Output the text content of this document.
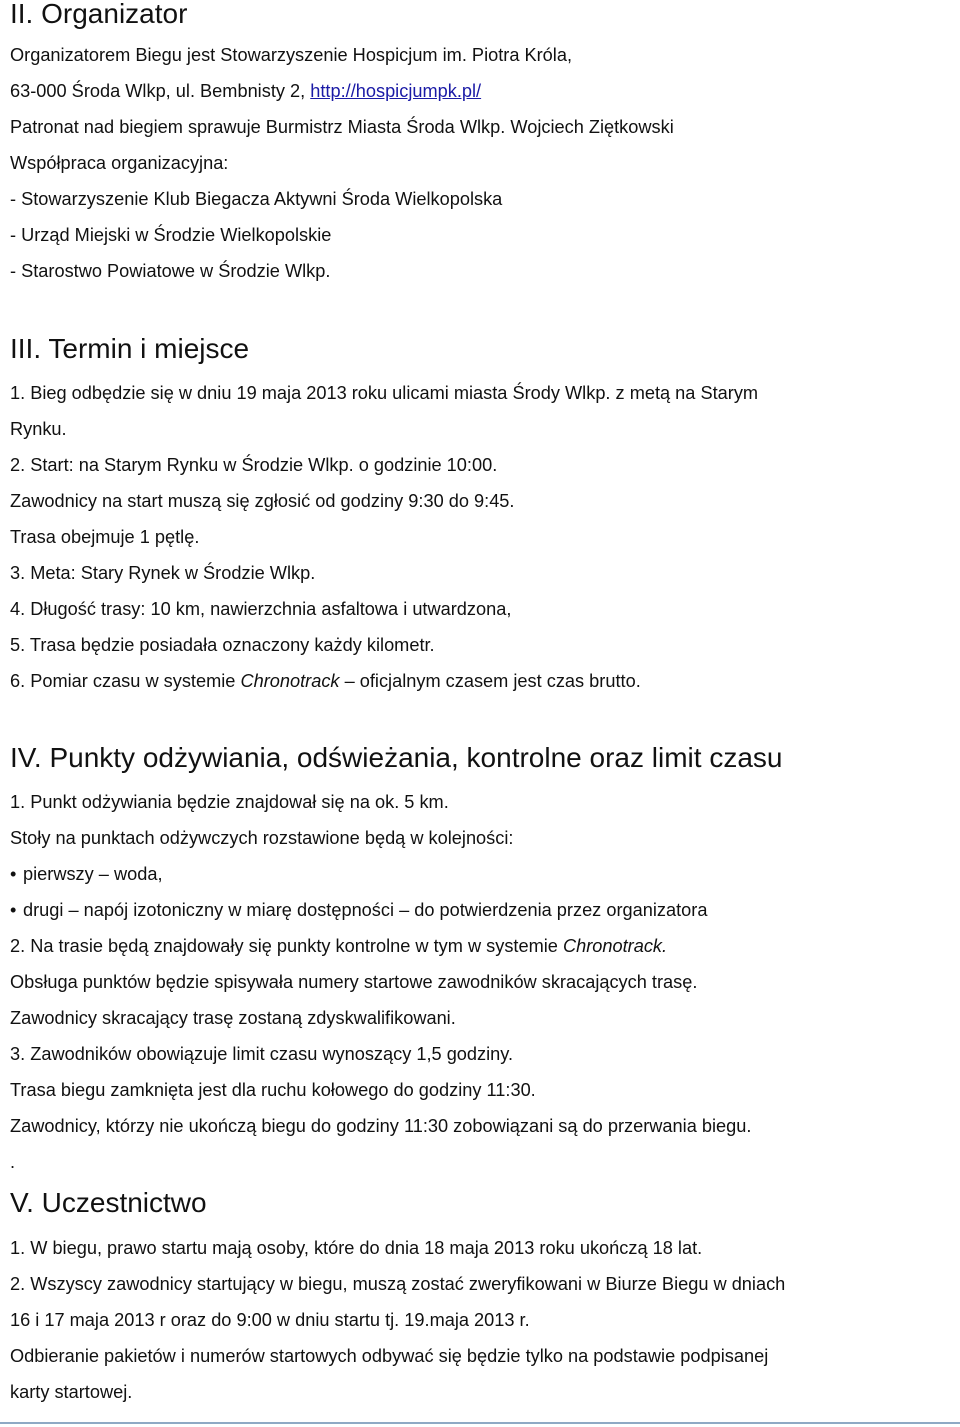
II. Organizator

Organizatorem Biegu jest Stowarzyszenie Hospicjum im. Piotra Króla,

63-000 Środa Wlkp, ul. Bembnisty 2, http://hospicjumpk.pl/

Patronat nad biegiem sprawuje Burmistrz Miasta Środa Wlkp. Wojciech Ziętkowski

Współpraca organizacyjna:

- Stowarzyszenie Klub Biegacza Aktywni Środa Wielkopolska

- Urząd Miejski w Środzie Wielkopolskie

- Starostwo Powiatowe w Środzie Wlkp.

III. Termin i miejsce

1. Bieg odbędzie się w dniu 19 maja 2013 roku ulicami miasta Środy Wlkp. z metą na Starym

Rynku.

2. Start: na Starym Rynku w Środzie Wlkp. o godzinie 10:00.

Zawodnicy na start muszą się zgłosić od godziny 9:30 do 9:45.

Trasa obejmuje 1 pętlę.

3. Meta: Stary Rynek w Środzie Wlkp.

4. Długość trasy: 10 km, nawierzchnia asfaltowa i utwardzona,

5. Trasa będzie posiadała oznaczony każdy kilometr.

6. Pomiar czasu w systemie Chronotrack – oficjalnym czasem jest czas brutto.

IV. Punkty odżywiania, odświeżania, kontrolne oraz limit czasu

1. Punkt odżywiania będzie znajdował się na ok. 5 km.

Stoły na punktach odżywczych rozstawione będą w kolejności:

• pierwszy – woda,

• drugi – napój izotoniczny w miarę dostępności – do potwierdzenia przez organizatora

2. Na trasie będą znajdowały się punkty kontrolne w tym w systemie Chronotrack.

Obsługa punktów będzie spisywała numery startowe zawodników skracających trasę.

Zawodnicy skracający trasę zostaną zdyskwalifikowani.

3. Zawodników obowiązuje limit czasu wynoszący 1,5 godziny.

Trasa biegu zamknięta jest dla ruchu kołowego do godziny 11:30.

Zawodnicy, którzy nie ukończą biegu do godziny 11:30 zobowiązani są do przerwania biegu.

.

V. Uczestnictwo

1. W biegu, prawo startu mają osoby, które do dnia 18 maja 2013 roku ukończą 18 lat.

2. Wszyscy zawodnicy startujący w biegu, muszą zostać zweryfikowani w Biurze Biegu w dniach

16 i 17 maja 2013 r oraz do 9:00 w dniu startu tj. 19.maja 2013 r.

Odbieranie pakietów i numerów startowych odbywać się będzie tylko na podstawie podpisanej

karty startowej.
